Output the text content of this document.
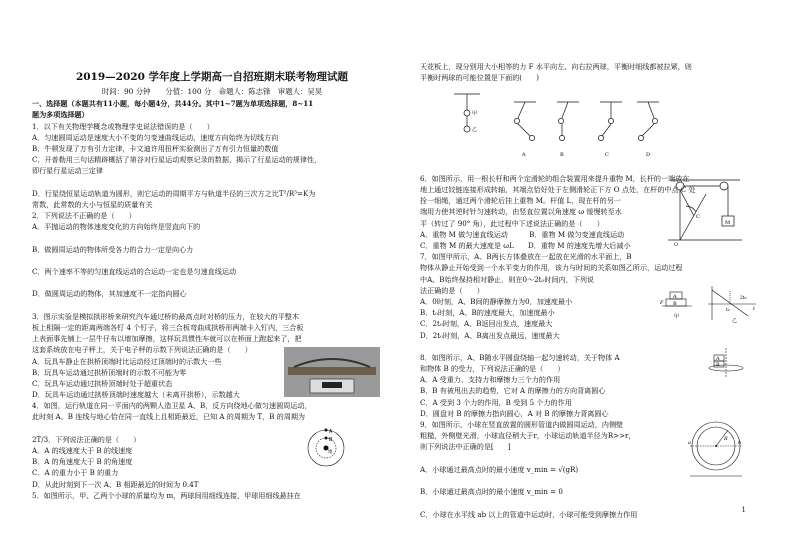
2019—2020 学年度上学期高一自招班期末联考物理试题
时间：90 分钟　　分值：100 分　命题人：陈志锋　审题人：吴昊
一、选择题（本题共有11小题，每小题4分，共44分。其中1~7题为单项选择题，8~11
题为多项选择题）
1．以下有关物理学概念或物理学史说法错误的是（　　）
A．匀速圆周运动是速度大小不变的匀变速曲线运动，速度方向始终为切线方向
B．牛顿发现了万有引力定律，卡文迪许用扭秤实验测出了万有引力恒量的数值
C．开普勒用三句话精辟概括了第谷对行星运动观察记录的数据，揭示了行星运动的规律性，
即行星行星运动三定律
D．行星绕恒星运动轨道为圆形，则它运动的周期平方与轨道半径的三次方之比T²/R³=K为
常数，此常数的大小与恒星的质量有关
2．下列说法不正确的是（　　）
A．平抛运动的物体速度变化的方向始终是竖直向下的
B．做圆周运动的物体所受各力的合力一定是向心力
C．两个速率不等的匀速直线运动的合运动一定也是匀速直线运动
D．做圆周运动的物体，其加速度不一定指向圆心
3．图示实验是模拟拱形桥来研究汽车通过桥的最高点时对桥的压力，在较大的平整木
板上相隔一定的距离两端各钉 4 个钉子，将三合板弯曲成拱桥形两端卡入钉内，三合板
上表面事先铺上一层牛仔布以增加摩擦，这样玩具惯性车就可以在桥面上跑起来了，把
这套系统放在电子秤上，关于电子秤的示数下列说法正确的是（　　）
A．玩具车静止在拱桥顶端时比运动经过顶端时的示数大一些
B．玩具车运动通过拱桥顶端时的示数不可能为零
C．玩具车运动通过拱桥顶端时处于超重状态
D．玩具车运动通过拱桥顶端时速度越大（未离开拱桥），示数越大
4．如图，运行轨道在同一平面内的两颗人造卫星 A、B，反方向绕地心做匀速圆周运动，
此时刻 A、B 连线与地心恰在同一直线上且相距最近，已知 A 的周期为 T，B 的周期为
2T/3．下列说法正确的是（　　）
A．A 的线速度大于 B 的线速度
B．A 的角速度大于 B 的角速度
C．A 的重力小于 B 的重力
D．从此时刻到下一次 A、B 相距最近的时间为 0.4T
5．如图所示，甲、乙两个小球的质量均为 m，两球间用细线连接，甲球用细线悬挂在
天花板上，现分别用大小相等的力 F 水平向左、向右拉两球，平衡时细线都被拉紧，则
平衡时两球的可能位置是下面的(　　)
6．如图所示，用一根长杆和两个定滑轮的组合装置用来提升重物 M，长杆的一端放在
地上通过铰链连接形成转轴，其端点恰好处于左侧滑轮正下方 O 点处，在杆的中点 C 处
拴一细绳，通过两个滑轮后挂上重物 M。杆值 L，现在杆的另一
端用力使其逆时针匀速转动，由竖直位置以角速度 ω 缓慢转至水
平（转过了 90° 角），此过程中下述说法正确的是（　　）
A．重物 M 做匀速直线运动　　　B．重物 M 做匀变速直线运动
C．重物 M 的最大速度是 ωL　　D．重物 M 的速度先增大后减小
7．如图甲所示，A、B两长方体叠放在一起放在光滑的水平面上，B
物体从静止开始受到一个水平变力的作用，该力与时间的关系如图乙所示，运动过程
中A、B始终保持相对静止．则在0～2t₀时间内，下列说
法正确的是（　　）
A．0时刻，A、B间的静摩擦力为0，加速度最小
B．t₀时刻，A、B的速度最大，加速度最小
C．2t₀时刻，A、B返回出发点，速度最大
D．2t₀时刻，A、B离出发点最远，速度最大
8．如图所示，A、B随水平圆盘绕轴一起匀速转动，关于物体 A
和物体 B 的受力，下列说法正确的是（　　）
A．A 受重力、支持力和摩擦力三个力的作用
B．B 有被甩出去的趋势，它对 A 的摩擦力的方向背离圆心
C．A 受到 3 个力的作用，B 受到 5 个力的作用
D．圆盘对 B 的摩擦力指向圆心，A 对 B 的摩擦力背离圆心
9．如图所示，小球在竖直放置的圆形管道内做圆周运动，内侧壁
粗糙，外侧壁光滑，小球直径稍大于r，小球运动轨道半径为R>>r，
则下列说法中正确的是[　　]
A．小球通过最高点时的最小速度 v_min = √(gR)
B．小球通过最高点时的最小速度 v_min = 0
C．小球在水平线 ab 以上的管道中运动时，小球可能受到摩擦力作用
A
B
地
甲
乙
A	B	C	D
M
O
C
A
B
甲
乙
F
t
t₀
2t₀
A
B
a	b
R
1
